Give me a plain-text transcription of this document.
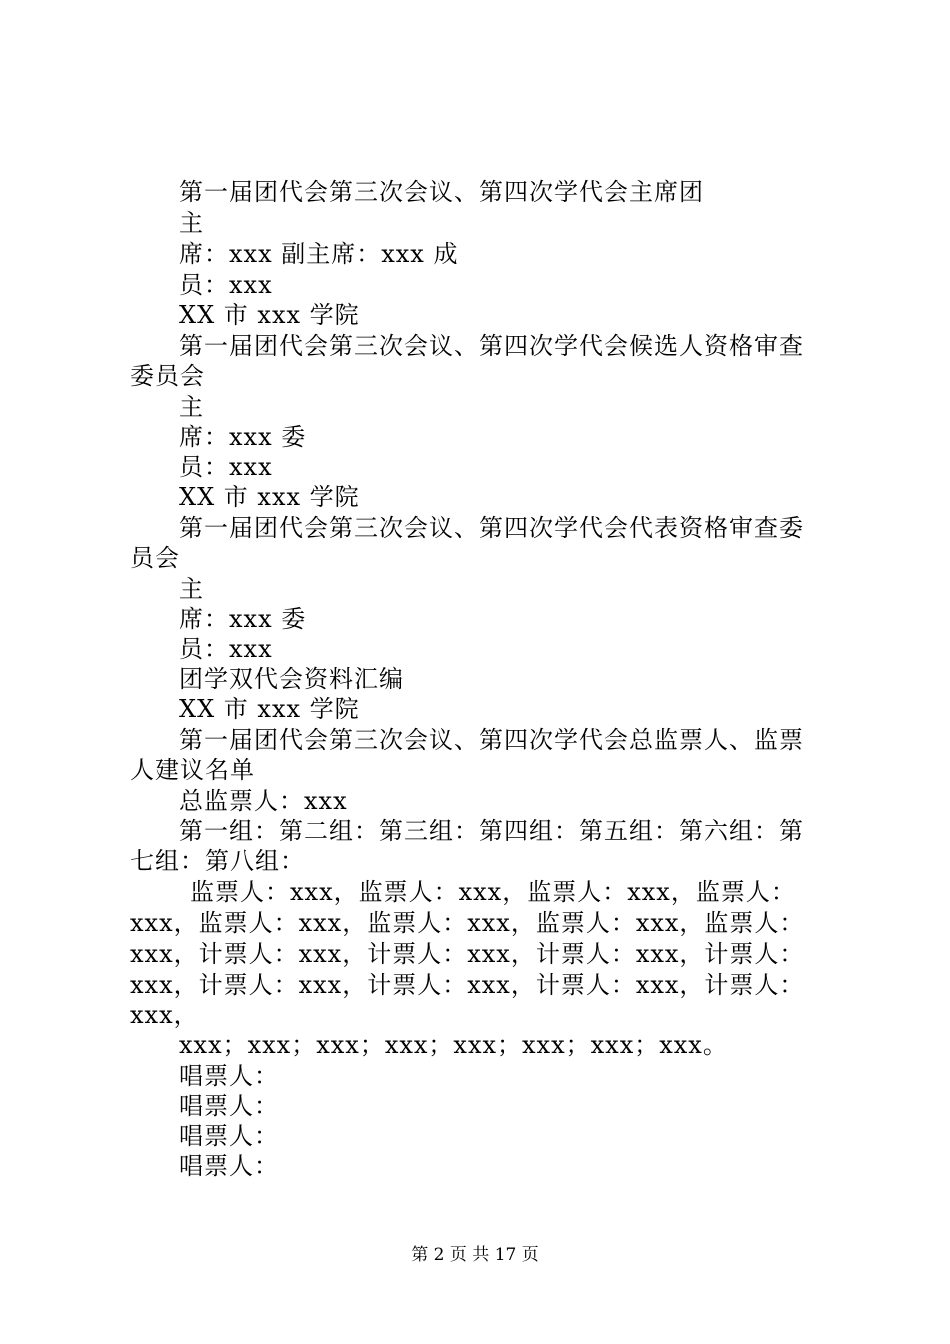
第一届团代会第三次会议、第四次学代会主席团
主
席：xxx 副主席：xxx 成
员：xxx
XX 市 xxx 学院
第一届团代会第三次会议、第四次学代会候选人资格审查
委员会
主
席：xxx 委
员：xxx
XX 市 xxx 学院
第一届团代会第三次会议、第四次学代会代表资格审查委
员会
主
席：xxx 委
员：xxx
团学双代会资料汇编
XX 市 xxx 学院
第一届团代会第三次会议、第四次学代会总监票人、监票
人建议名单
总监票人：xxx
第一组：第二组：第三组：第四组：第五组：第六组：第
七组：第八组：
监票人：xxx，监票人：xxx，监票人：xxx，监票人：
xxx，监票人：xxx，监票人：xxx，监票人：xxx，监票人：
xxx，计票人：xxx，计票人：xxx，计票人：xxx，计票人：
xxx，计票人：xxx，计票人：xxx，计票人：xxx，计票人：
xxx，
xxx；xxx；xxx；xxx；xxx；xxx；xxx；xxx。
唱票人：
唱票人：
唱票人：
唱票人：
第 2 页 共 17 页
